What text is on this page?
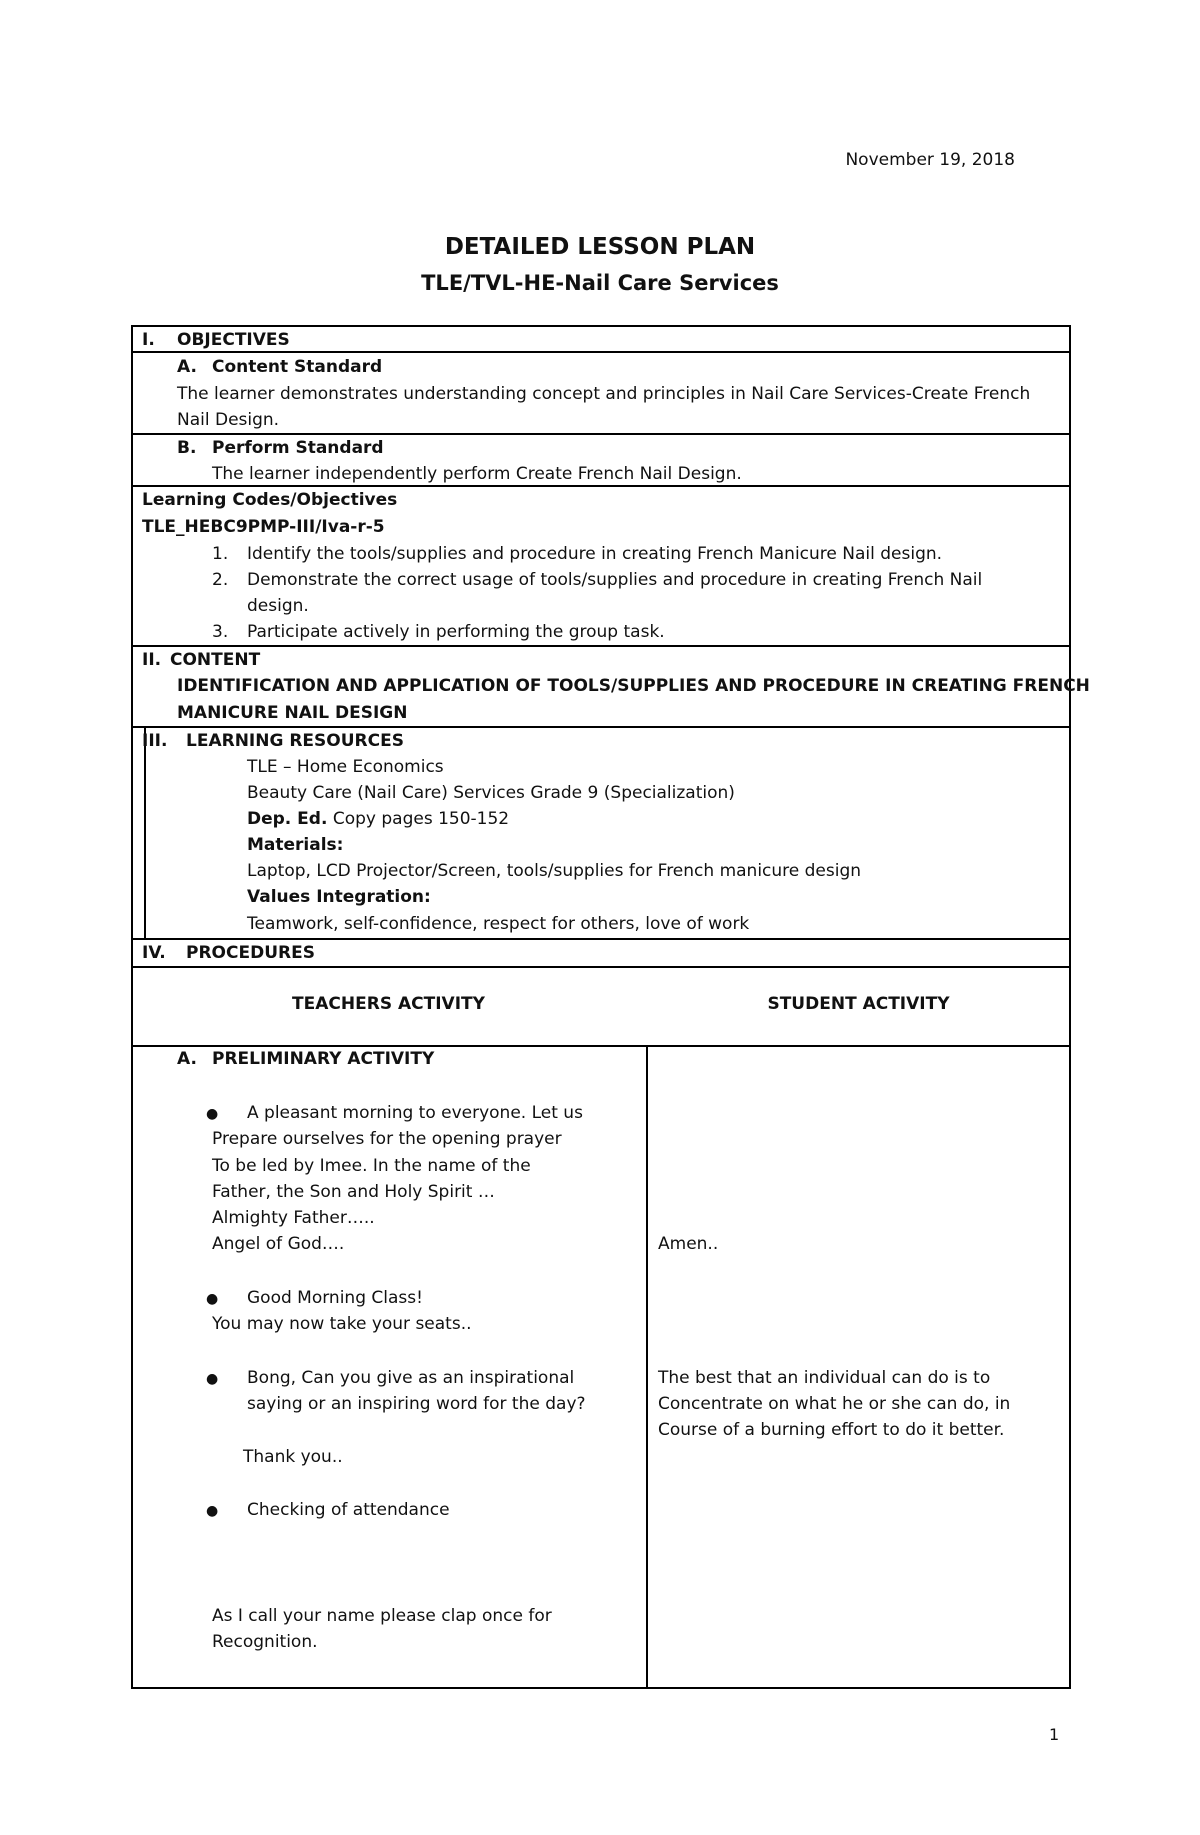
November 19, 2018
DETAILED LESSON PLAN
TLE/TVL-HE-Nail Care Services
I. OBJECTIVES
A. Content Standard
The learner demonstrates understanding concept and principles in Nail Care Services-Create French
Nail Design.
B. Perform Standard
The learner independently perform Create French Nail Design.
Learning Codes/Objectives
TLE_HEBC9PMP-III/Iva-r-5
1. Identify the tools/supplies and procedure in creating French Manicure Nail design.
2. Demonstrate the correct usage of tools/supplies and procedure in creating French Nail
design.
3. Participate actively in performing the group task.
II. CONTENT
IDENTIFICATION AND APPLICATION OF TOOLS/SUPPLIES AND PROCEDURE IN CREATING FRENCH
MANICURE NAIL DESIGN
III. LEARNING RESOURCES
TLE – Home Economics
Beauty Care (Nail Care) Services Grade 9 (Specialization)
Dep. Ed. Copy pages 150-152
Materials:
Laptop, LCD Projector/Screen, tools/supplies for French manicure design
Values Integration:
Teamwork, self-confidence, respect for others, love of work
IV. PROCEDURES
TEACHERS ACTIVITY	STUDENT ACTIVITY
A. PRELIMINARY ACTIVITY
● A pleasant morning to everyone. Let us
Prepare ourselves for the opening prayer
To be led by Imee. In the name of the
Father, the Son and Holy Spirit …
Almighty Father…..
Angel of God….
● Good Morning Class!
You may now take your seats..
● Bong, Can you give as an inspirational
saying or an inspiring word for the day?
Thank you..
● Checking of attendance
As I call your name please clap once for
Recognition.
Amen..
The best that an individual can do is to
Concentrate on what he or she can do, in
Course of a burning effort to do it better.
1
